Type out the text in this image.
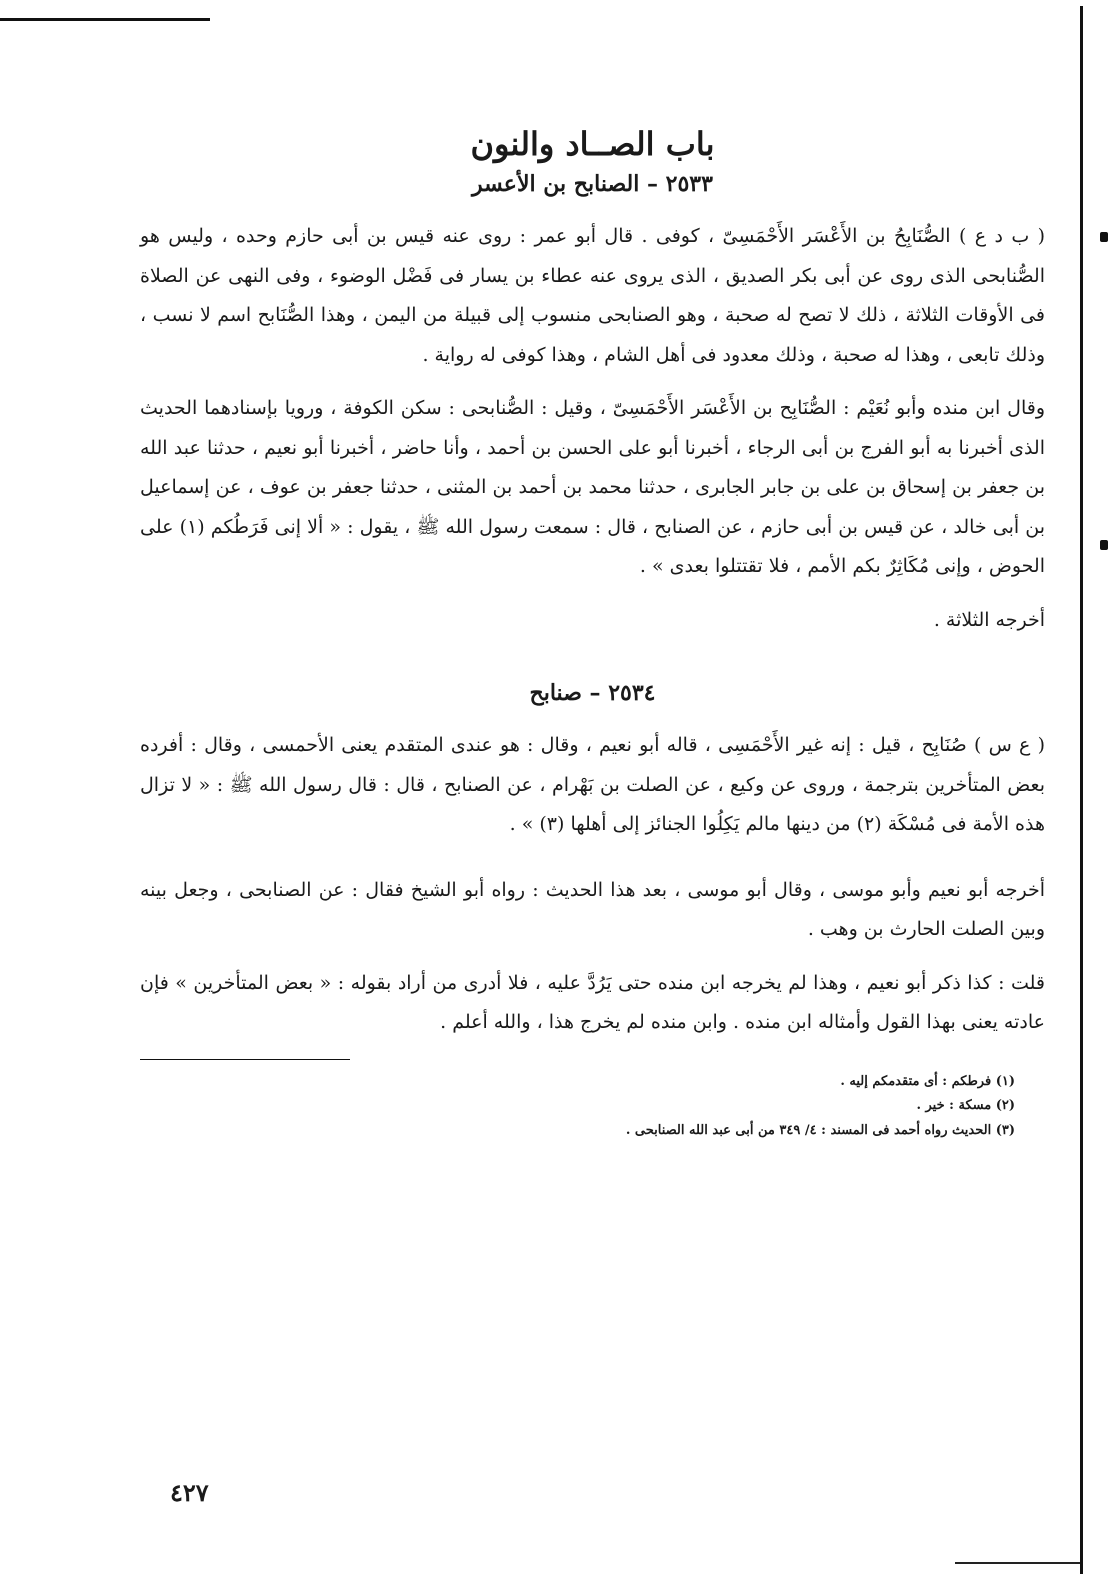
باب الصــاد والنون
٢٥٣٣ – الصنابح بن الأعسر

( ب د ع ) الصُّنَابِحُ بن الأَعْسَر الأَحْمَسِىّ ، كوفى . قال أبو عمر : روى عنه قيس بن أبى حازم وحده ، وليس هو الصُّنابحى الذى روى عن أبى بكر الصديق ، الذى يروى عنه عطاء بن يسار فى فَضْل الوضوء ، وفى النهى عن الصلاة فى الأوقات الثلاثة ، ذلك لا تصح له صحبة ، وهو الصنابحى منسوب إلى قبيلة من اليمن ، وهذا الصُّنَابح اسم لا نسب ، وذلك تابعى ، وهذا له صحبة ، وذلك معدود فى أهل الشام ، وهذا كوفى له رواية .

وقال ابن منده وأبو نُعَيْم : الصُّنَابِح بن الأَعْسَر الأَحْمَسِىّ ، وقيل : الصُّنابحى : سكن الكوفة ، ورويا بإسنادهما الحديث الذى أخبرنا به أبو الفرج بن أبى الرجاء ، أخبرنا أبو على الحسن بن أحمد ، وأنا حاضر ، أخبرنا أبو نعيم ، حدثنا عبد الله بن جعفر بن إسحاق بن على بن جابر الجابرى ، حدثنا محمد بن أحمد بن المثنى ، حدثنا جعفر بن عوف ، عن إسماعيل بن أبى خالد ، عن قيس بن أبى حازم ، عن الصنابح ، قال : سمعت رسول الله ﷺ ، يقول : « ألا إنى فَرَطُكم (١) على الحوض ، وإنى مُكَاثِرٌ بكم الأمم ، فلا تقتتلوا بعدى » .

أخرجه الثلاثة .

٢٥٣٤ – صنابح

( ع س ) صُنَابِح ، قيل : إنه غير الأَحْمَسِى ، قاله أبو نعيم ، وقال : هو عندى المتقدم يعنى الأحمسى ، وقال : أفرده بعض المتأخرين بترجمة ، وروى عن وكيع ، عن الصلت بن بَهْرام ، عن الصنابح ، قال : قال رسول الله ﷺ : « لا تزال هذه الأمة فى مُسْكَة (٢) من دينها مالم يَكِلُوا الجنائز إلى أهلها (٣) » .

أخرجه أبو نعيم وأبو موسى ، وقال أبو موسى ، بعد هذا الحديث : رواه أبو الشيخ فقال : عن الصنابحى ، وجعل بينه وبين الصلت الحارث بن وهب .

قلت : كذا ذكر أبو نعيم ، وهذا لم يخرجه ابن منده حتى يَرُدَّ عليه ، فلا أدرى من أراد بقوله : « بعض المتأخرين » فإن عادته يعنى بهذا القول وأمثاله ابن منده . وابن منده لم يخرج هذا ، والله أعلم .

(١) فرطكم : أى متقدمكم إليه .

(٢) مسكة : خير .

(٣) الحديث رواه أحمد فى المسند : ٤/ ٣٤٩ من أبى عبد الله الصنابحى .

٤٢٧
